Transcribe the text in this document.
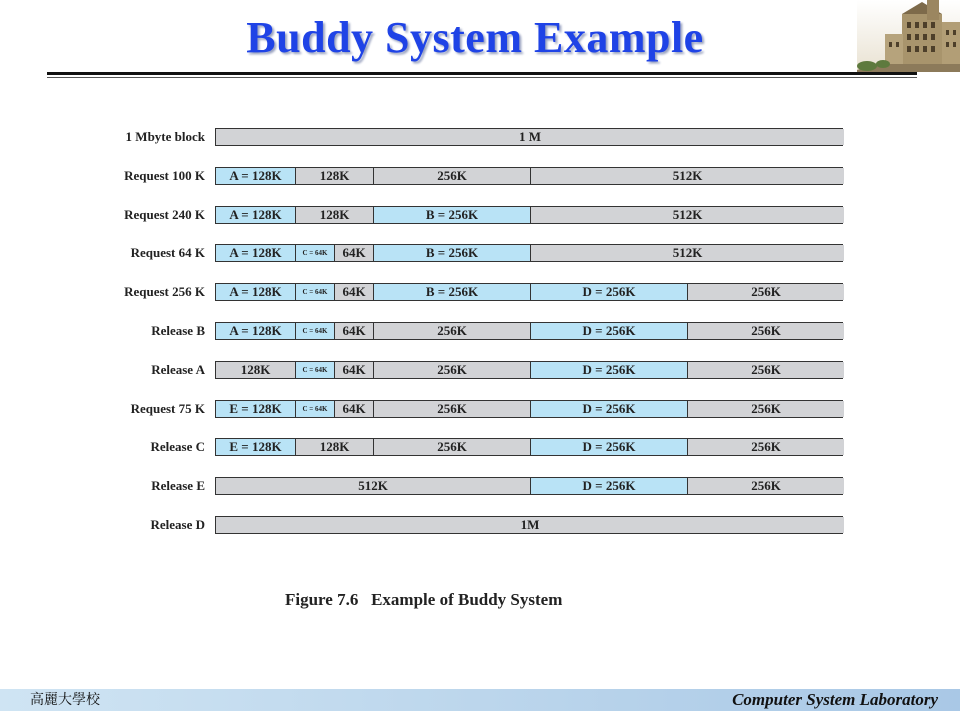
Buddy System Example
1 Mbyte block	1 M
Request 100 K	A = 128K	128K	256K	512K
Request 240 K	A = 128K	128K	B = 256K	512K
Request 64 K	A = 128K	C = 64K	64K	B = 256K	512K
Request 256 K	A = 128K	C = 64K	64K	B = 256K	D = 256K	256K
Release B	A = 128K	C = 64K	64K	256K	D = 256K	256K
Release A	128K	C = 64K	64K	256K	D = 256K	256K
Request 75 K	E = 128K	C = 64K	64K	256K	D = 256K	256K
Release C	E = 128K	128K	256K	D = 256K	256K
Release E	512K	D = 256K	256K
Release D	1M
Figure 7.6   Example of Buddy System
高麗大學校	Computer System Laboratory
